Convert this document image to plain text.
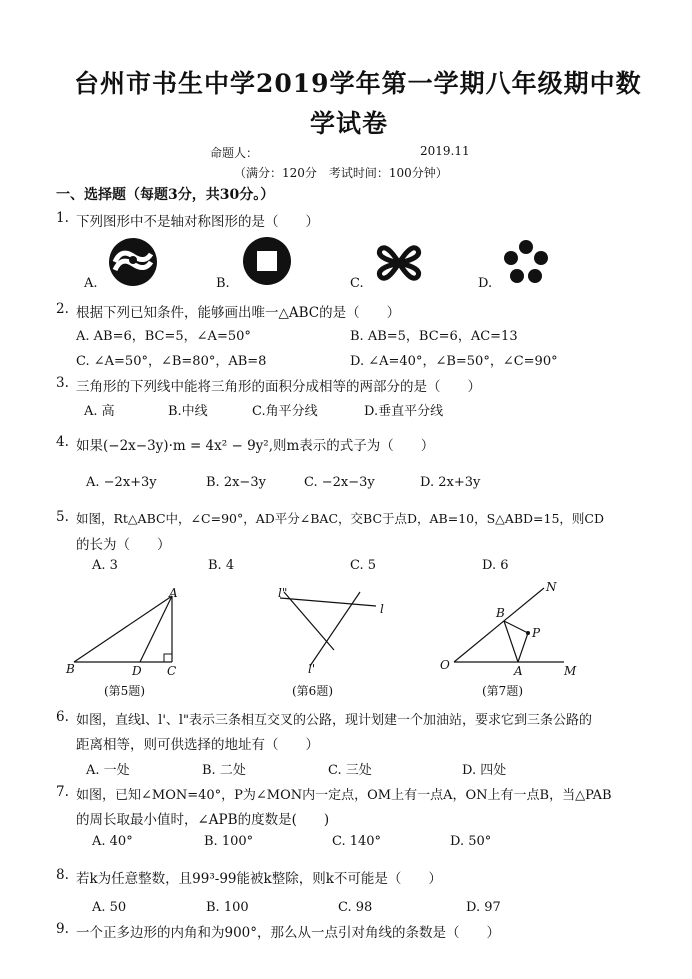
台州市书生中学2019学年第一学期八年级期中数
学试卷
命题人：	2019.11
（满分：120分　考试时间：100分钟）
一、选择题（每题3分，共30分。）
1. 下列图形中不是轴对称图形的是（　　）
A.	B.	C.	D.
2. 根据下列已知条件，能够画出唯一△ABC的是（　　）
A. AB=6，BC=5，∠A=50°	B. AB=5，BC=6，AC=13
C. ∠A=50°，∠B=80°，AB=8	D. ∠A=40°，∠B=50°，∠C=90°
3. 三角形的下列线中能将三角形的面积分成相等的两部分的是（　　）
A. 高	B.中线	C.角平分线	D.垂直平分线
4. 如果(−2x−3y)·m = 4x² − 9y²,则m表示的式子为（　　）
A. −2x+3y	B. 2x−3y	C. −2x−3y	D. 2x+3y
5. 如图，Rt△ABC中，∠C=90°，AD平分∠BAC，交BC于点D，AB=10，S△ABD=15，则CD
的长为（　　）
A. 3	B. 4	C. 5	D. 6
A
B	D C
(第5题)
l"
l
l'
(第6题)
N
B
P
O	A	M
(第7题)
6. 如图，直线l、l'、l"表示三条相互交叉的公路，现计划建一个加油站，要求它到三条公路的
距离相等，则可供选择的地址有（　　）
A. 一处	B. 二处	C. 三处	D. 四处
7. 如图，已知∠MON=40°，P为∠MON内一定点，OM上有一点A，ON上有一点B，当△PAB
的周长取最小值时，∠APB的度数是(　　)
A. 40°	B. 100°	C. 140°	D. 50°
8. 若k为任意整数，且99³-99能被k整除，则k不可能是（　　）
A. 50	B. 100	C. 98	D. 97
9. 一个正多边形的内角和为900°，那么从一点引对角线的条数是（　　）
